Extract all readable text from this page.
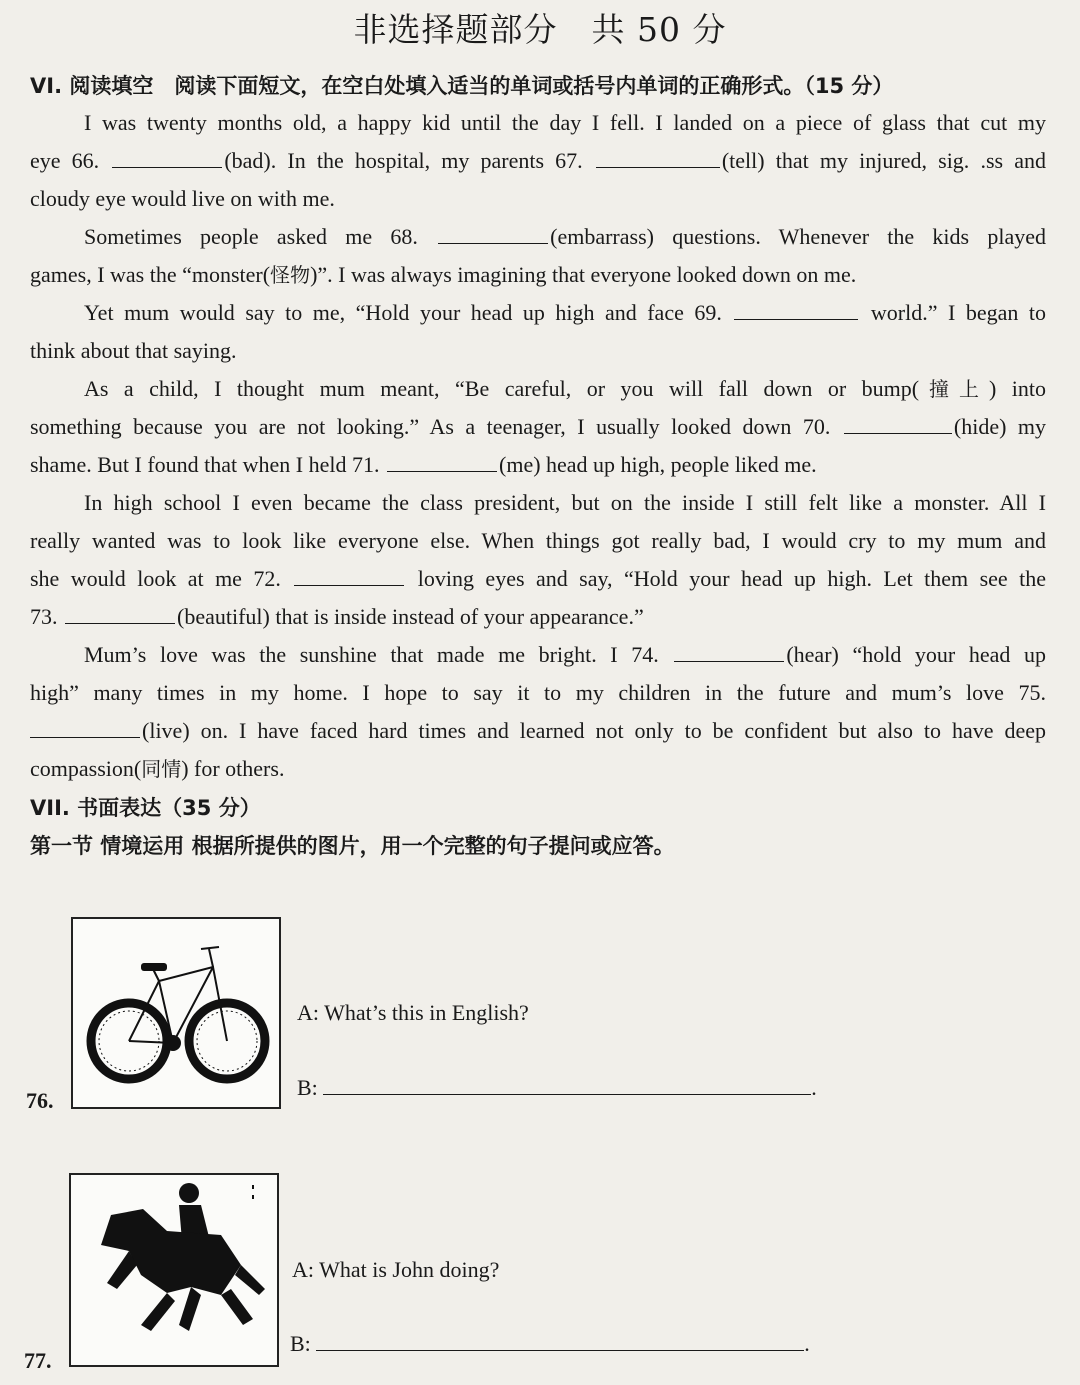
非选择题部分　共 50 分
VI. 阅读填空　阅读下面短文，在空白处填入适当的单词或括号内单词的正确形式。（15 分）
I was twenty months old, a happy kid until the day I fell. I landed on a piece of glass that cut my
eye 66.	(bad). In the hospital, my parents 67.	(tell) that my injured, sig. .ss and
cloudy eye would live on with me.
Sometimes people asked me 68.	(embarrass) questions. Whenever the kids played
games, I was the “monster(怪物)”. I was always imagining that everyone looked down on me.
Yet mum would say to me, “Hold your head up high and face 69.	world.” I began to
think about that saying.
As a child, I thought mum meant, “Be careful, or you will fall down or bump(撞上) into
something because you are not looking.” As a teenager, I usually looked down 70.	(hide) my
shame. But I found that when I held 71.	(me) head up high, people liked me.
In high school I even became the class president, but on the inside I still felt like a monster. All I
really wanted was to look like everyone else. When things got really bad, I would cry to my mum and
she would look at me 72.	loving eyes and say, “Hold your head up high. Let them see the
73.	(beautiful) that is inside instead of your appearance.”
Mum’s love was the sunshine that made me bright. I 74.	(hear) “hold your head up
high” many times in my home. I hope to say it to my children in the future and mum’s love 75.
(live) on. I have faced hard times and learned not only to be confident but also to have deep
compassion(同情) for others.
VII. 书面表达（35 分）
第一节 情境运用 根据所提供的图片，用一个完整的句子提问或应答。
76.
A: What’s this in English?
B:	.
77.
A: What is John doing?
B:	.
